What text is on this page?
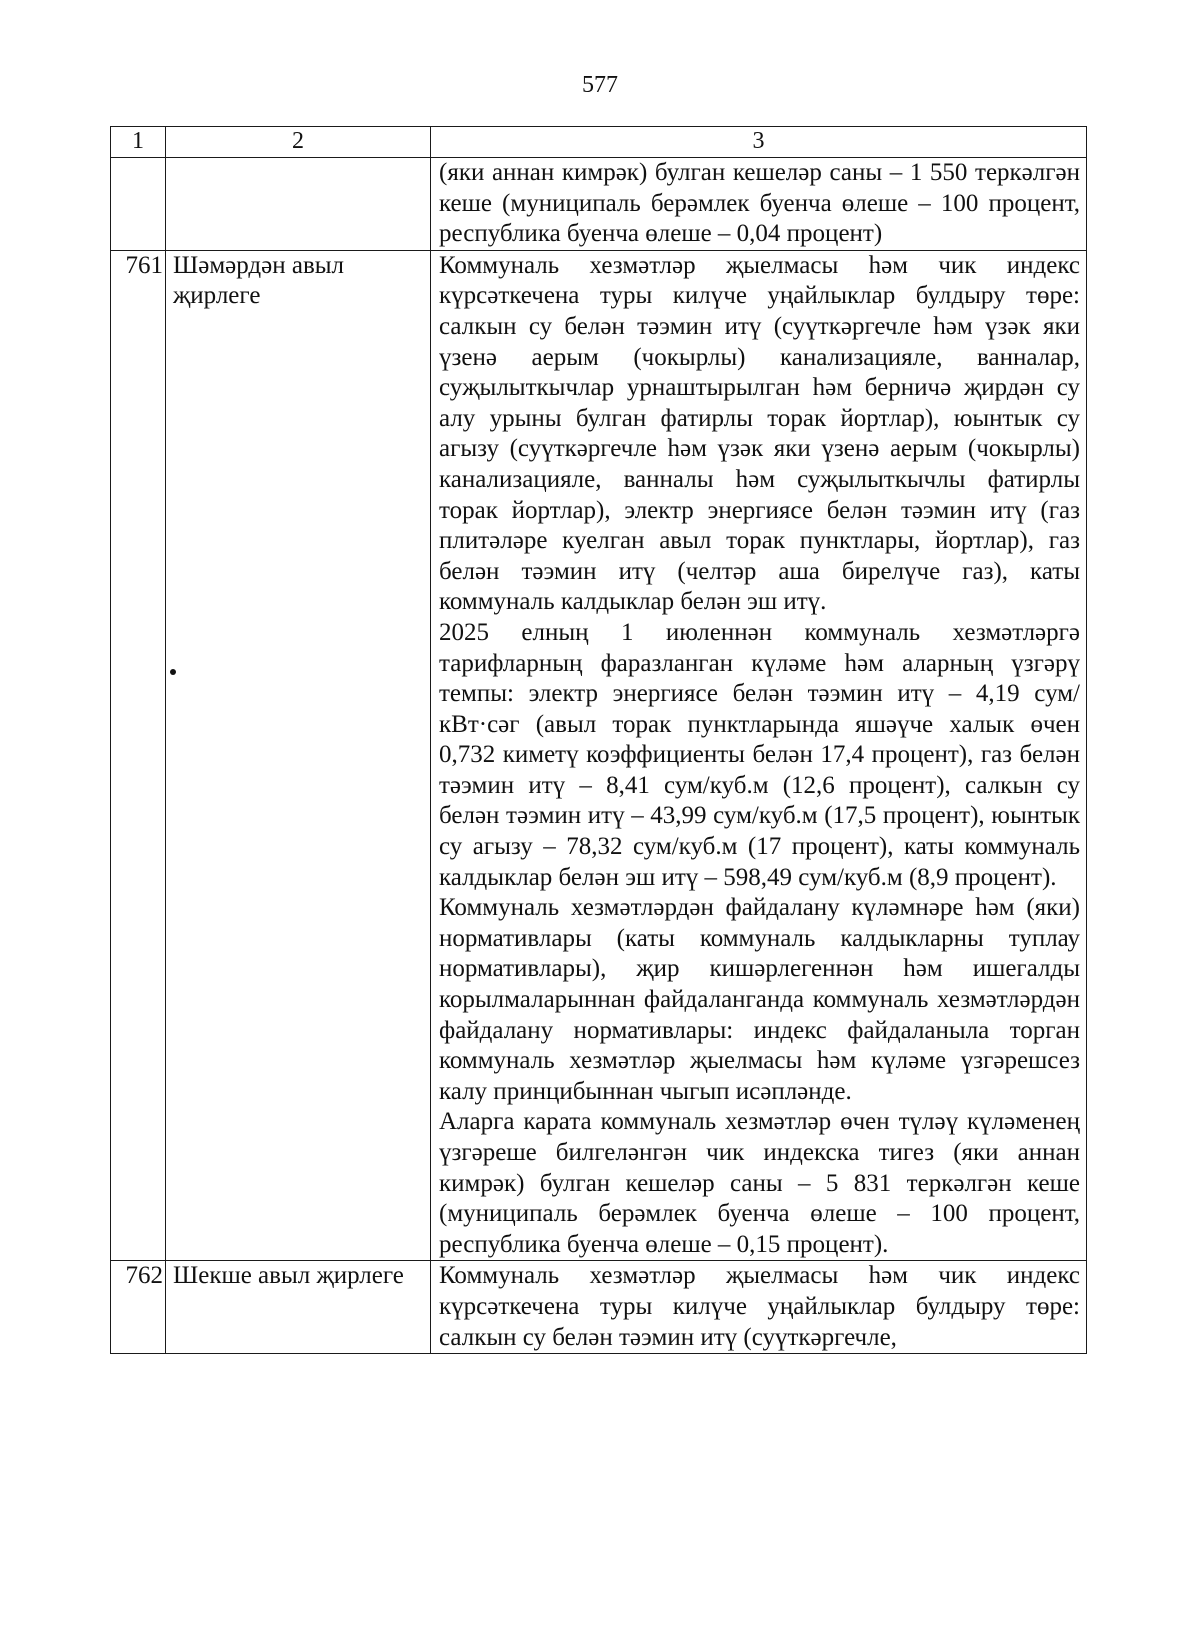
577
1	2	3

		(яки аннан кимрәк) булган кешеләр саны – 1 550 теркәлгән кеше (муниципаль берәмлек буенча өлеше – 100 процент, республика буенча өлеше – 0,04 процент)

761	Шәмәрдән авыл җирлеге	Коммуналь хезмәтләр җыелмасы һәм чик индекс күрсәткечена туры килүче уңайлыклар булдыру төре: салкын су белән тәэмин итү (суүткәргечле һәм үзәк яки үзенә аерым (чокырлы) канализацияле, ванналар, суҗылыткычлар урнаштырылган һәм берничә җирдән су алу урыны булган фатирлы торак йортлар), юынтык су агызу (суүткәргечле һәм үзәк яки үзенә аерым (чокырлы) канализацияле, ванналы һәм суҗылыткычлы фатирлы торак йортлар), электр энергиясе белән тәэмин итү (газ плитәләре куелган авыл торак пунктлары, йортлар), газ белән тәэмин итү (челтәр аша бирелүче газ), каты коммуналь калдыклар белән эш итү.

2025 елның 1 июленнән коммуналь хезмәтләргә тарифларның фаразланган күләме һәм аларның үзгәрү темпы: электр энергиясе белән тәэмин итү – 4,19 сум/кВт·сәг (авыл торак пунктларында яшәүче халык өчен 0,732 киметү коэффициенты белән 17,4 процент), газ белән тәэмин итү – 8,41 сум/куб.м (12,6 процент), салкын су белән тәэмин итү – 43,99 сум/куб.м (17,5 процент), юынтык су агызу – 78,32 сум/куб.м (17 процент), каты коммуналь калдыклар белән эш итү – 598,49 сум/куб.м (8,9 процент).

Коммуналь хезмәтләрдән файдалану күләмнәре һәм (яки) нормативлары (каты коммуналь калдыкларны туплау нормативлары), җир кишәрлегеннән һәм ишегалды корылмаларыннан файдаланганда коммуналь хезмәтләрдән файдалану нормативлары: индекс файдаланыла торган коммуналь хезмәтләр җыелмасы һәм күләме үзгәрешсез калу принцибыннан чыгып исәпләнде.

Аларга карата коммуналь хезмәтләр өчен түләү күләменең үзгәреше билгеләнгән чик индекска тигез (яки аннан кимрәк) булган кешеләр саны – 5 831 теркәлгән кеше (муниципаль берәмлек буенча өлеше – 100 процент, республика буенча өлеше – 0,15 процент).

762	Шекше авыл җирлеге	Коммуналь хезмәтләр җыелмасы һәм чик индекс күрсәткечена туры килүче уңайлыклар булдыру төре: салкын су белән тәэмин итү (суүткәргечле,
